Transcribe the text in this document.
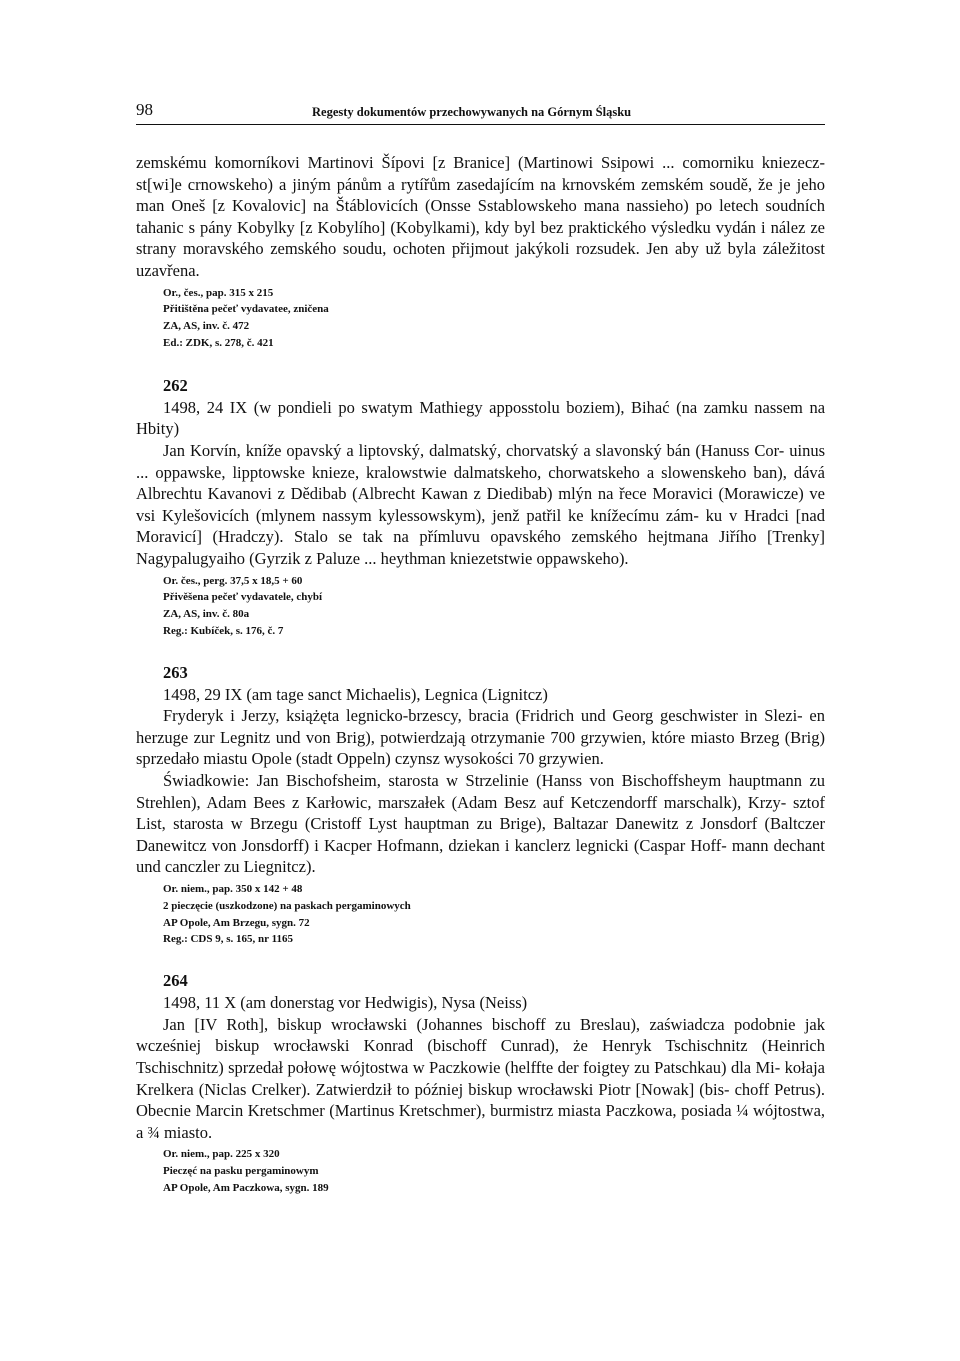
98	Regesty dokumentów przechowywanych na Górnym Śląsku

zemskému komorníkovi Martinovi Šípovi [z Branice] (Martinowi Ssipowi ... comorniku kniezecz- st[wi]e crnowskeho) a jiným pánům a rytířům zasedajícím na krnovském zemském soudě, že je jeho man Oneš [z Kovalovic] na Štáblovicích (Onsse Sstablowskeho mana nassieho) po letech soudních tahanic s pány Kobylky [z Kobylího] (Kobylkami), kdy byl bez praktického výsledku vydán i nález ze strany moravského zemského soudu, ochoten přijmout jakýkoli rozsudek. Jen aby už byla záležitost uzavřena.

Or., čes., pap. 315 x 215
Přitištěna pečeť vydavatee, zničena
ZA, AS, inv. č. 472
Ed.: ZDK, s. 278, č. 421
262

1498, 24 IX (w pondieli po swatym Mathiegy apposstolu boziem), Bihać (na zamku nassem na Hbity)

Jan Korvín, kníže opavský a liptovský, dalmatský, chorvatský a slavonský bán (Hanuss Cor- uinus ... oppawske, lipptowske knieze, kralowstwie dalmatskeho, chorwatskeho a slowenskeho ban), dává Albrechtu Kavanovi z Dědibab (Albrecht Kawan z Diedibab) mlýn na řece Moravici (Morawicze) ve vsi Kylešovicích (mlynem nassym kylessowskym), jenž patřil ke knížecímu zám- ku v Hradci [nad Moravicí] (Hradczy). Stalo se tak na přímluvu opavského zemského hejtmana Jiřího [Trenky] Nagypalugyaiho (Gyrzik z Paluze ... heythman kniezetstwie oppawskeho).

Or. čes., perg. 37,5 x 18,5 + 60
Přivěšena pečeť vydavatele, chybí
ZA, AS, inv. č. 80a
Reg.: Kubíček, s. 176, č. 7
263

1498, 29 IX (am tage sanct Michaelis), Legnica (Lignitcz)

Fryderyk i Jerzy, książęta legnicko-brzescy, bracia (Fridrich und Georg geschwister in Slezi- en herzuge zur Legnitz und von Brig), potwierdzają otrzymanie 700 grzywien, które miasto Brzeg (Brig) sprzedało miastu Opole (stadt Oppeln) czynsz wysokości 70 grzywien.

Świadkowie: Jan Bischofsheim, starosta w Strzelinie (Hanss von Bischoffsheym hauptmann zu Strehlen), Adam Bees z Karłowic, marszałek (Adam Besz auf Ketczendorff marschalk), Krzy- sztof List, starosta w Brzegu (Cristoff Lyst hauptman zu Brige), Baltazar Danewitz z Jonsdorf (Baltczer Danewitcz von Jonsdorff) i Kacper Hofmann, dziekan i kanclerz legnicki (Caspar Hoff- mann dechant und canczler zu Liegnitcz).

Or. niem., pap. 350 x 142 + 48
2 pieczęcie (uszkodzone) na paskach pergaminowych
AP Opole, Am Brzegu, sygn. 72
Reg.: CDS 9, s. 165, nr 1165
264

1498, 11 X (am donerstag vor Hedwigis), Nysa (Neiss)

Jan [IV Roth], biskup wrocławski (Johannes bischoff zu Breslau), zaświadcza podobnie jak wcześniej biskup wrocławski Konrad (bischoff Cunrad), że Henryk Tschischnitz (Heinrich Tschischnitz) sprzedał połowę wójtostwa w Paczkowie (helffte der foigtey zu Patschkau) dla Mi- kołaja Krelkera (Niclas Crelker). Zatwierdził to później biskup wrocławski Piotr [Nowak] (bis- choff Petrus). Obecnie Marcin Kretschmer (Martinus Kretschmer), burmistrz miasta Paczkowa, posiada ¼ wójtostwa, a ¾ miasto.

Or. niem., pap. 225 x 320
Pieczęć na pasku pergaminowym
AP Opole, Am Paczkowa, sygn. 189
